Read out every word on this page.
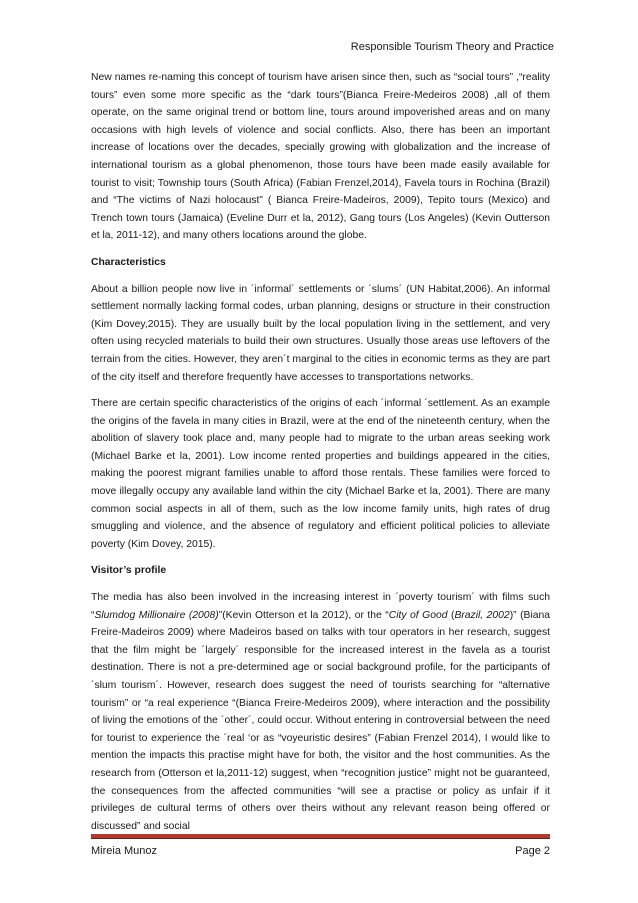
Responsible Tourism Theory and Practice

New names re-naming this concept of tourism have arisen since then, such as “social tours” ,“reality tours” even some more specific as the “dark tours”(Bianca Freire-Medeiros 2008) ,all of them operate, on the same original trend or bottom line, tours around impoverished areas and on many occasions with high levels of violence and social conflicts. Also, there has been an important increase of locations over the decades, specially growing with globalization and the increase of international tourism as a global phenomenon, those tours have been made easily available for tourist to visit; Township tours (South Africa) (Fabian Frenzel,2014), Favela tours in Rochina (Brazil) and “The victims of Nazi holocaust” ( Bianca Freire-Madeiros, 2009), Tepito tours (Mexico) and Trench town tours (Jamaica) (Eveline Durr et la, 2012), Gang tours (Los Angeles) (Kevin Outterson et la, 2011-12), and many others locations around the globe.

Characteristics

About a billion people now live in ´informal´ settlements or ´slums´ (UN Habitat,2006). An informal settlement normally lacking formal codes, urban planning, designs or structure in their construction (Kim Dovey,2015). They are usually built by the local population living in the settlement, and very often using recycled materials to build their own structures. Usually those areas use leftovers of the terrain from the cities. However, they aren´t marginal to the cities in economic terms as they are part of the city itself and therefore frequently have accesses to transportations networks.

There are certain specific characteristics of the origins of each ´informal ´settlement. As an example the origins of the favela in many cities in Brazil, were at the end of the nineteenth century, when the abolition of slavery took place and, many people had to migrate to the urban areas seeking work (Michael Barke et la, 2001). Low income rented properties and buildings appeared in the cities, making the poorest migrant families unable to afford those rentals. These families were forced to move illegally occupy any available land within the city (Michael Barke et la, 2001). There are many common social aspects in all of them, such as the low income family units, high rates of drug smuggling and violence, and the absence of regulatory and efficient political policies to alleviate poverty (Kim Dovey, 2015).

Visitor’s profile

The media has also been involved in the increasing interest in ´poverty tourism´ with films such “Slumdog Millionaire (2008)”(Kevin Otterson et la 2012), or the “City of Good (Brazil, 2002)” (Biana Freire-Madeiros 2009) where Madeiros based on talks with tour operators in her research, suggest that the film might be ´largely´ responsible for the increased interest in the favela as a tourist destination. There is not a pre-determined age or social background profile, for the participants of ´slum tourism´. However, research does suggest the need of tourists searching for “alternative tourism” or “a real experience “(Bianca Freire-Medeiros 2009), where interaction and the possibility of living the emotions of the ´other´, could occur. Without entering in controversial between the need for tourist to experience the ´real ‘or as “voyeuristic desires” (Fabian Frenzel 2014), I would like to mention the impacts this practise might have for both, the visitor and the host communities. As the research from (Otterson et la,2011-12) suggest, when “recognition justice” might not be guaranteed, the consequences from the affected communities “will see a practise or policy as unfair if it privileges de cultural terms of others over theirs without any relevant reason being offered or discussed” and social

Mireia Munoz	Page 2
